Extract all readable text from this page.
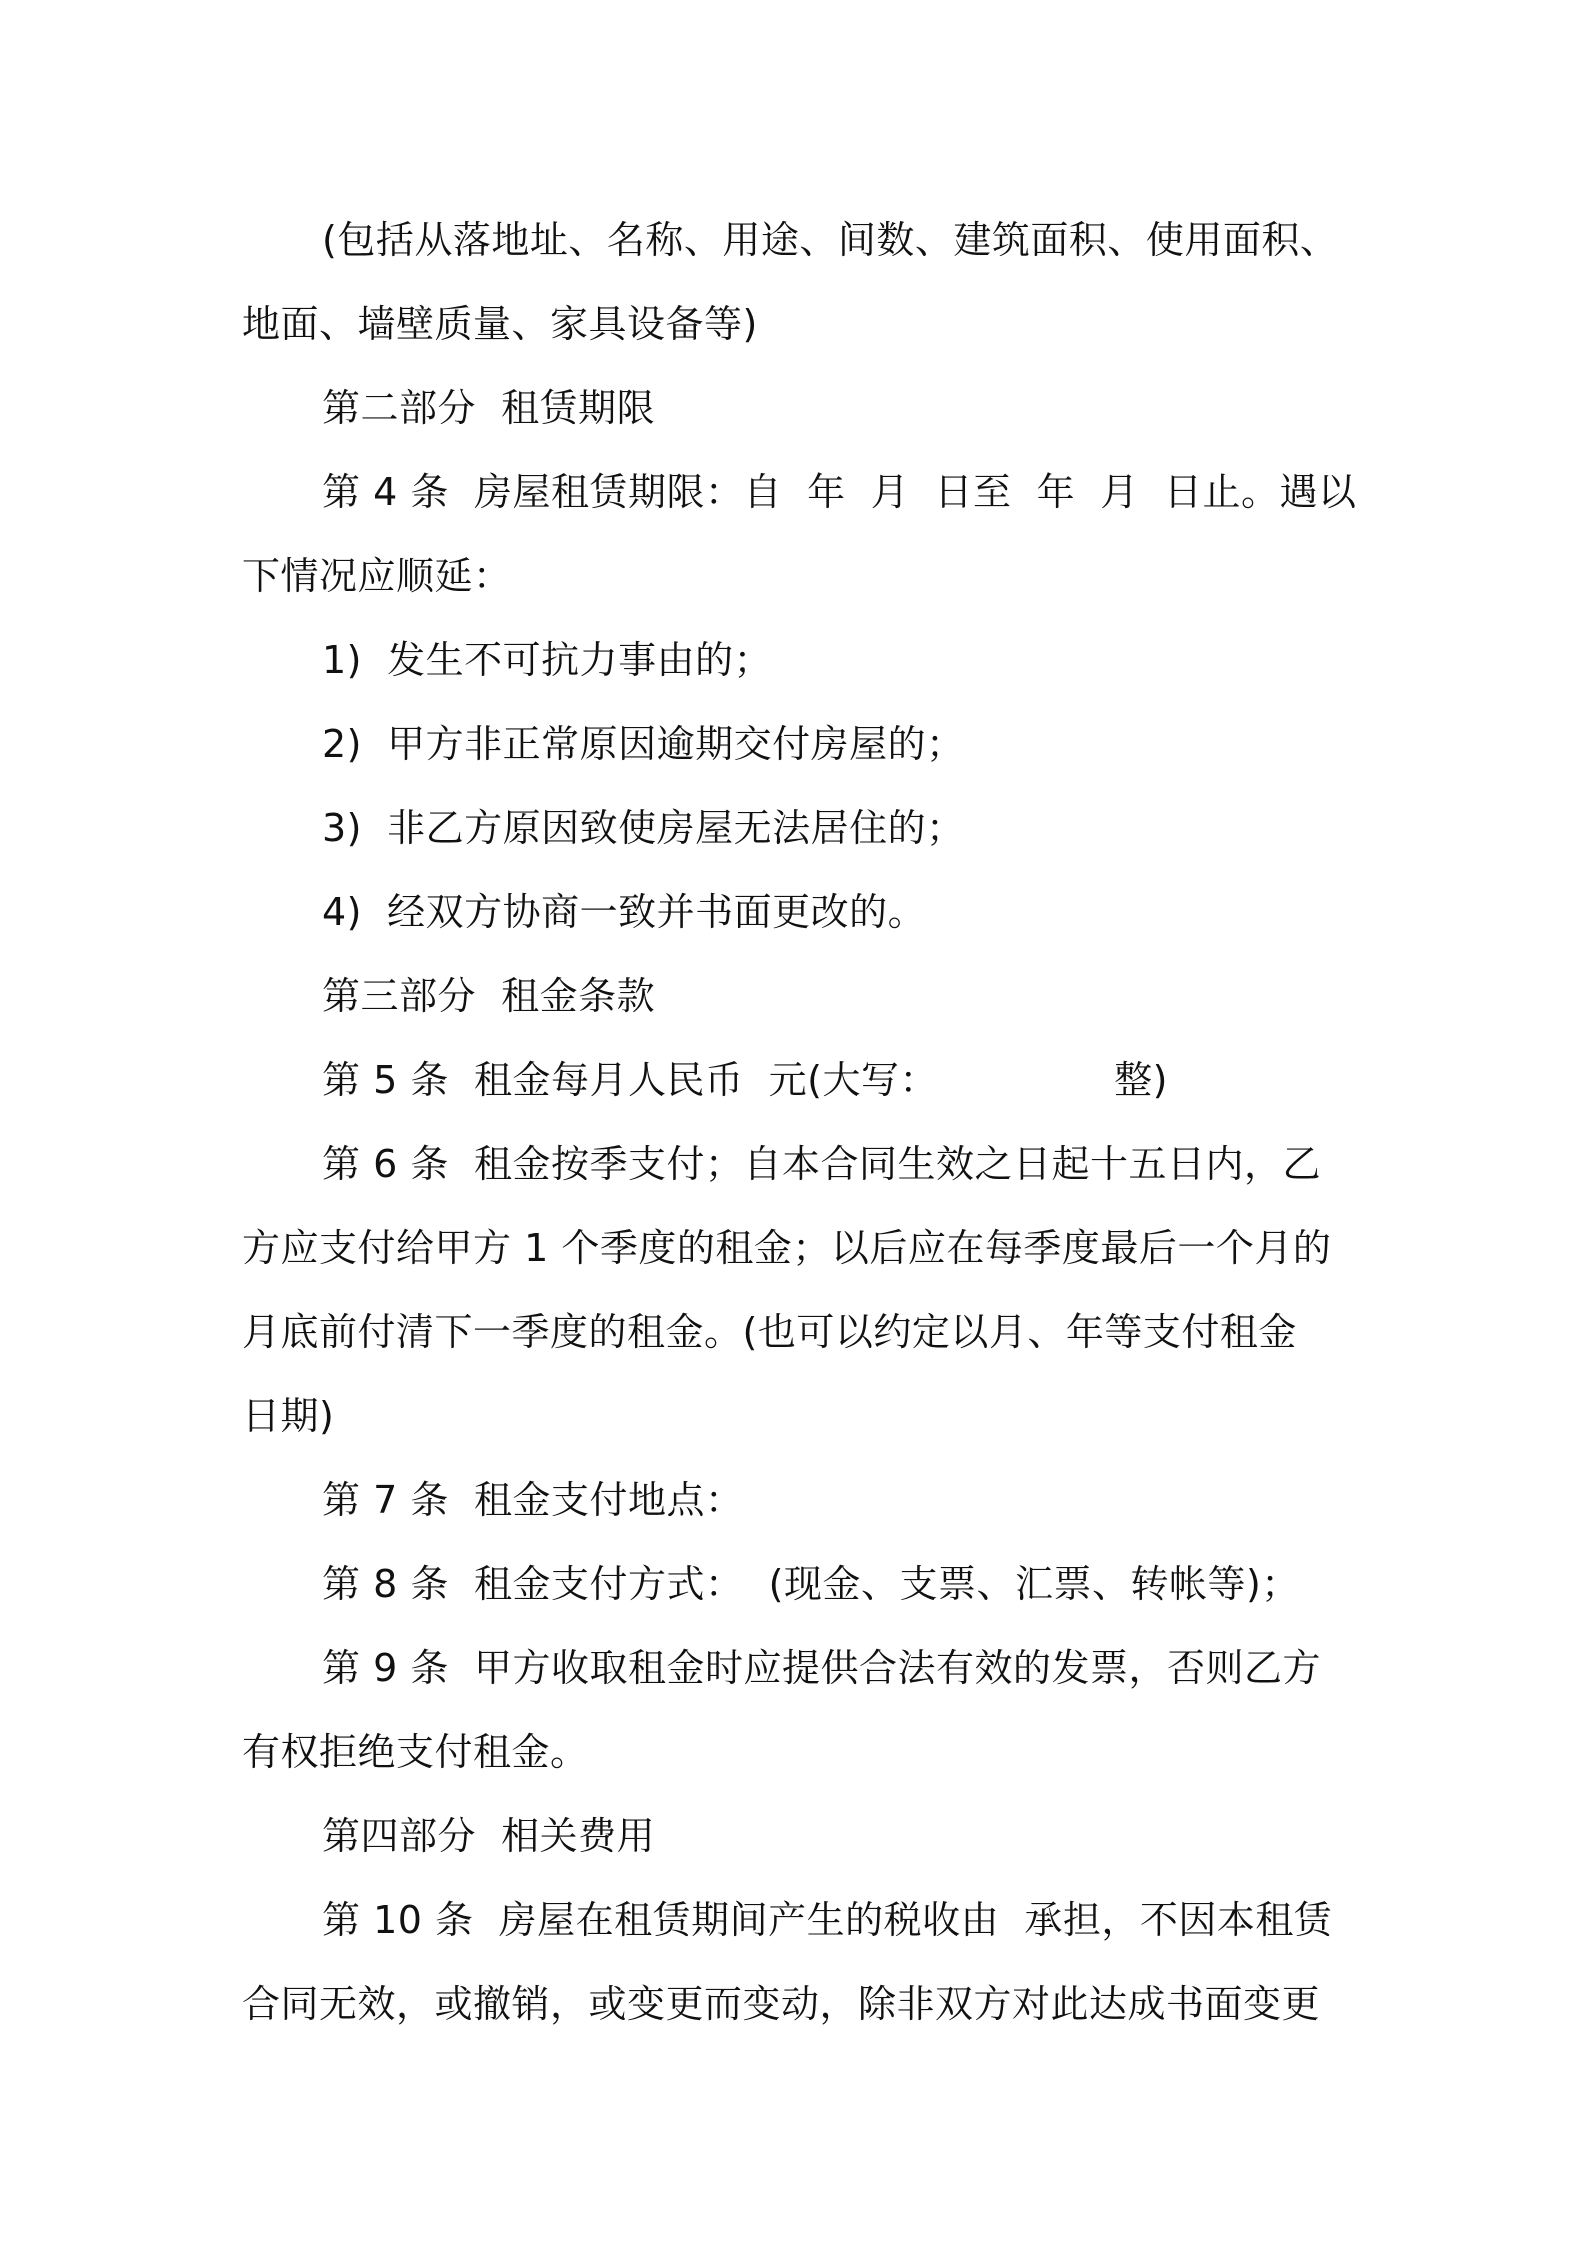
(包括从落地址、名称、用途、间数、建筑面积、使用面积、
地面、墙壁质量、家具设备等)
第二部分  租赁期限
第 4 条  房屋租赁期限：自  年  月  日至  年  月  日止。遇以
下情况应顺延：
1)  发生不可抗力事由的；
2)  甲方非正常原因逾期交付房屋的；
3)  非乙方原因致使房屋无法居住的；
4)  经双方协商一致并书面更改的。
第三部分  租金条款
第 5 条  租金每月人民币  元(大写：              整)
第 6 条  租金按季支付；自本合同生效之日起十五日内，乙
方应支付给甲方 1 个季度的租金；以后应在每季度最后一个月的
月底前付清下一季度的租金。(也可以约定以月、年等支付租金
日期)
第 7 条  租金支付地点：
第 8 条  租金支付方式：  (现金、支票、汇票、转帐等)；
第 9 条  甲方收取租金时应提供合法有效的发票，否则乙方
有权拒绝支付租金。
第四部分  相关费用
第 10 条  房屋在租赁期间产生的税收由  承担，不因本租赁
合同无效，或撤销，或变更而变动，除非双方对此达成书面变更
